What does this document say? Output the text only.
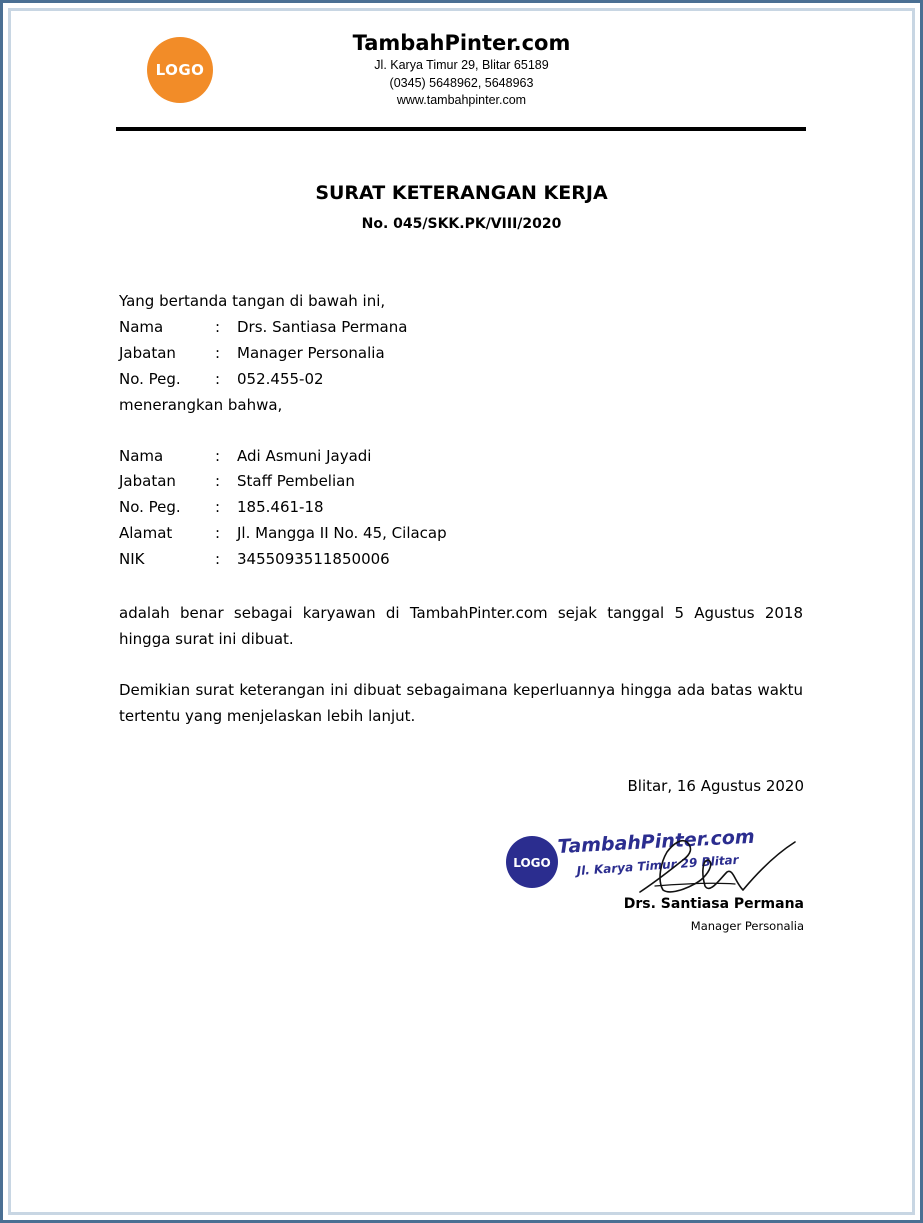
LOGO
TambahPinter.com
Jl. Karya Timur 29, Blitar 65189
(0345) 5648962, 5648963
www.tambahpinter.com
SURAT KETERANGAN KERJA
No. 045/SKK.PK/VIII/2020
Yang bertanda tangan di bawah ini,
Nama	: Drs. Santiasa Permana
Jabatan	: Manager Personalia
No. Peg. : 052.455-02
menerangkan bahwa,
Nama	: Adi Asmuni Jayadi
Jabatan	: Staff Pembelian
No. Peg. : 185.461-18
Alamat	: Jl. Mangga II No. 45, Cilacap
NIK	: 3455093511850006
adalah benar sebagai karyawan di TambahPinter.com sejak tanggal 5 Agustus 2018 hingga surat ini dibuat.
Demikian surat keterangan ini dibuat sebagaimana keperluannya hingga ada batas waktu tertentu yang menjelaskan lebih lanjut.
Blitar, 16 Agustus 2020
LOGO
TambahPinter.com
Jl. Karya Timur 29 Blitar
Drs. Santiasa Permana
Manager Personalia
